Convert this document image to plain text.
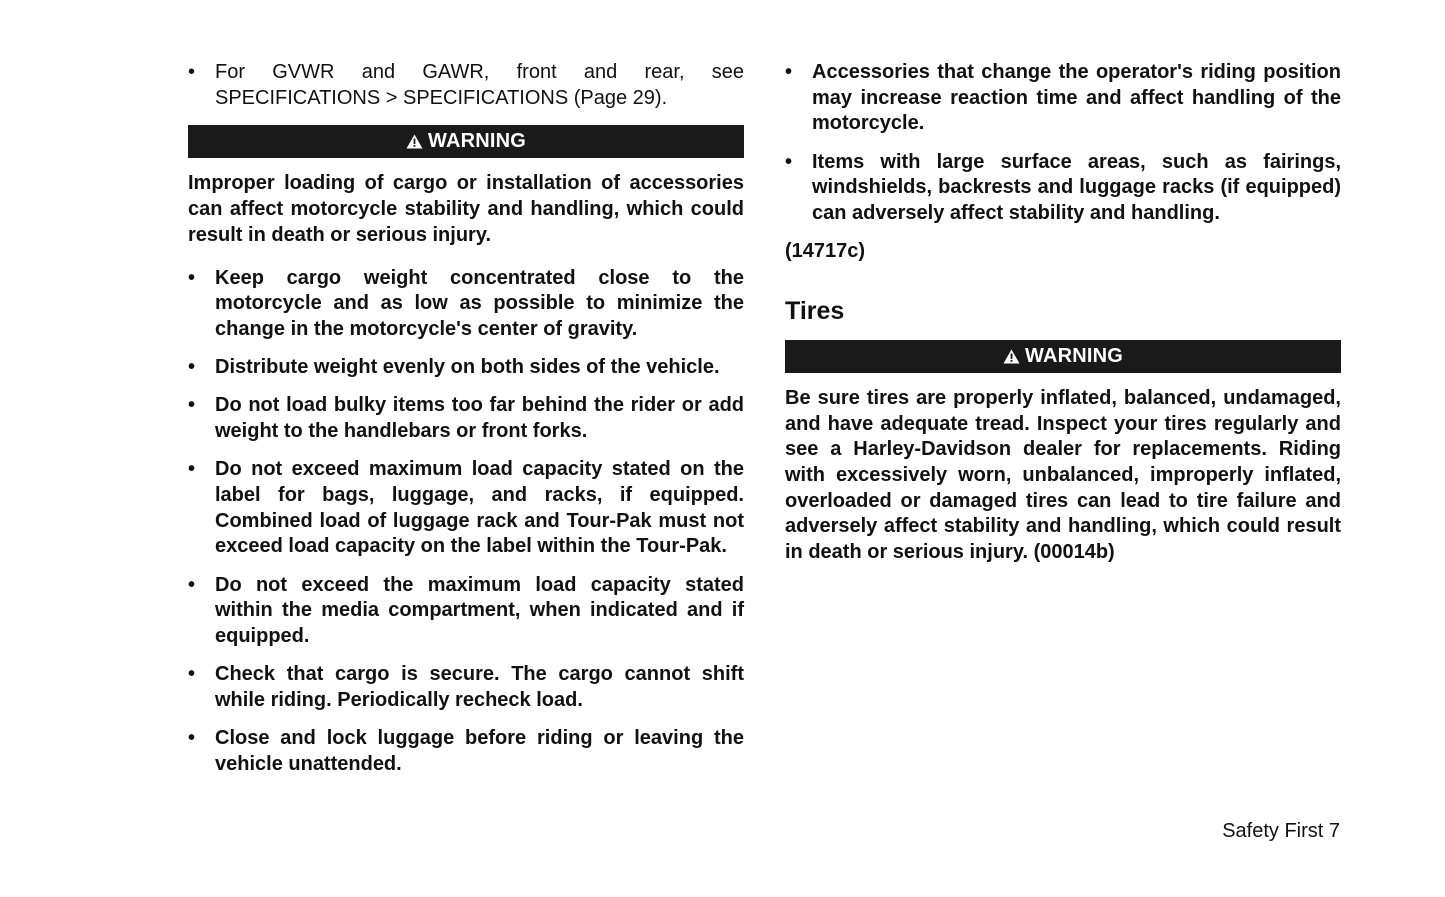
• For GVWR and GAWR, front and rear, see SPECIFICATIONS > SPECIFICATIONS (Page 29).
WARNING

Improper loading of cargo or installation of accessories can affect motorcycle stability and handling, which could result in death or serious injury.

• Keep cargo weight concentrated close to the motorcycle and as low as possible to minimize the change in the motorcycle's center of gravity.
• Distribute weight evenly on both sides of the vehicle.
• Do not load bulky items too far behind the rider or add weight to the handlebars or front forks.
• Do not exceed maximum load capacity stated on the label for bags, luggage, and racks, if equipped. Combined load of luggage rack and Tour-Pak must not exceed load capacity on the label within the Tour-Pak.
• Do not exceed the maximum load capacity stated within the media compartment, when indicated and if equipped.
• Check that cargo is secure. The cargo cannot shift while riding. Periodically recheck load.
• Close and lock luggage before riding or leaving the vehicle unattended.
• Accessories that change the operator's riding position may increase reaction time and affect handling of the motorcycle.
• Items with large surface areas, such as fairings, windshields, backrests and luggage racks (if equipped) can adversely affect stability and handling.

(14717c)

Tires
WARNING

Be sure tires are properly inflated, balanced, undamaged, and have adequate tread. Inspect your tires regularly and see a Harley-Davidson dealer for replacements. Riding with excessively worn, unbalanced, improperly inflated, overloaded or damaged tires can lead to tire failure and adversely affect stability and handling, which could result in death or serious injury. (00014b)

Safety First 7
